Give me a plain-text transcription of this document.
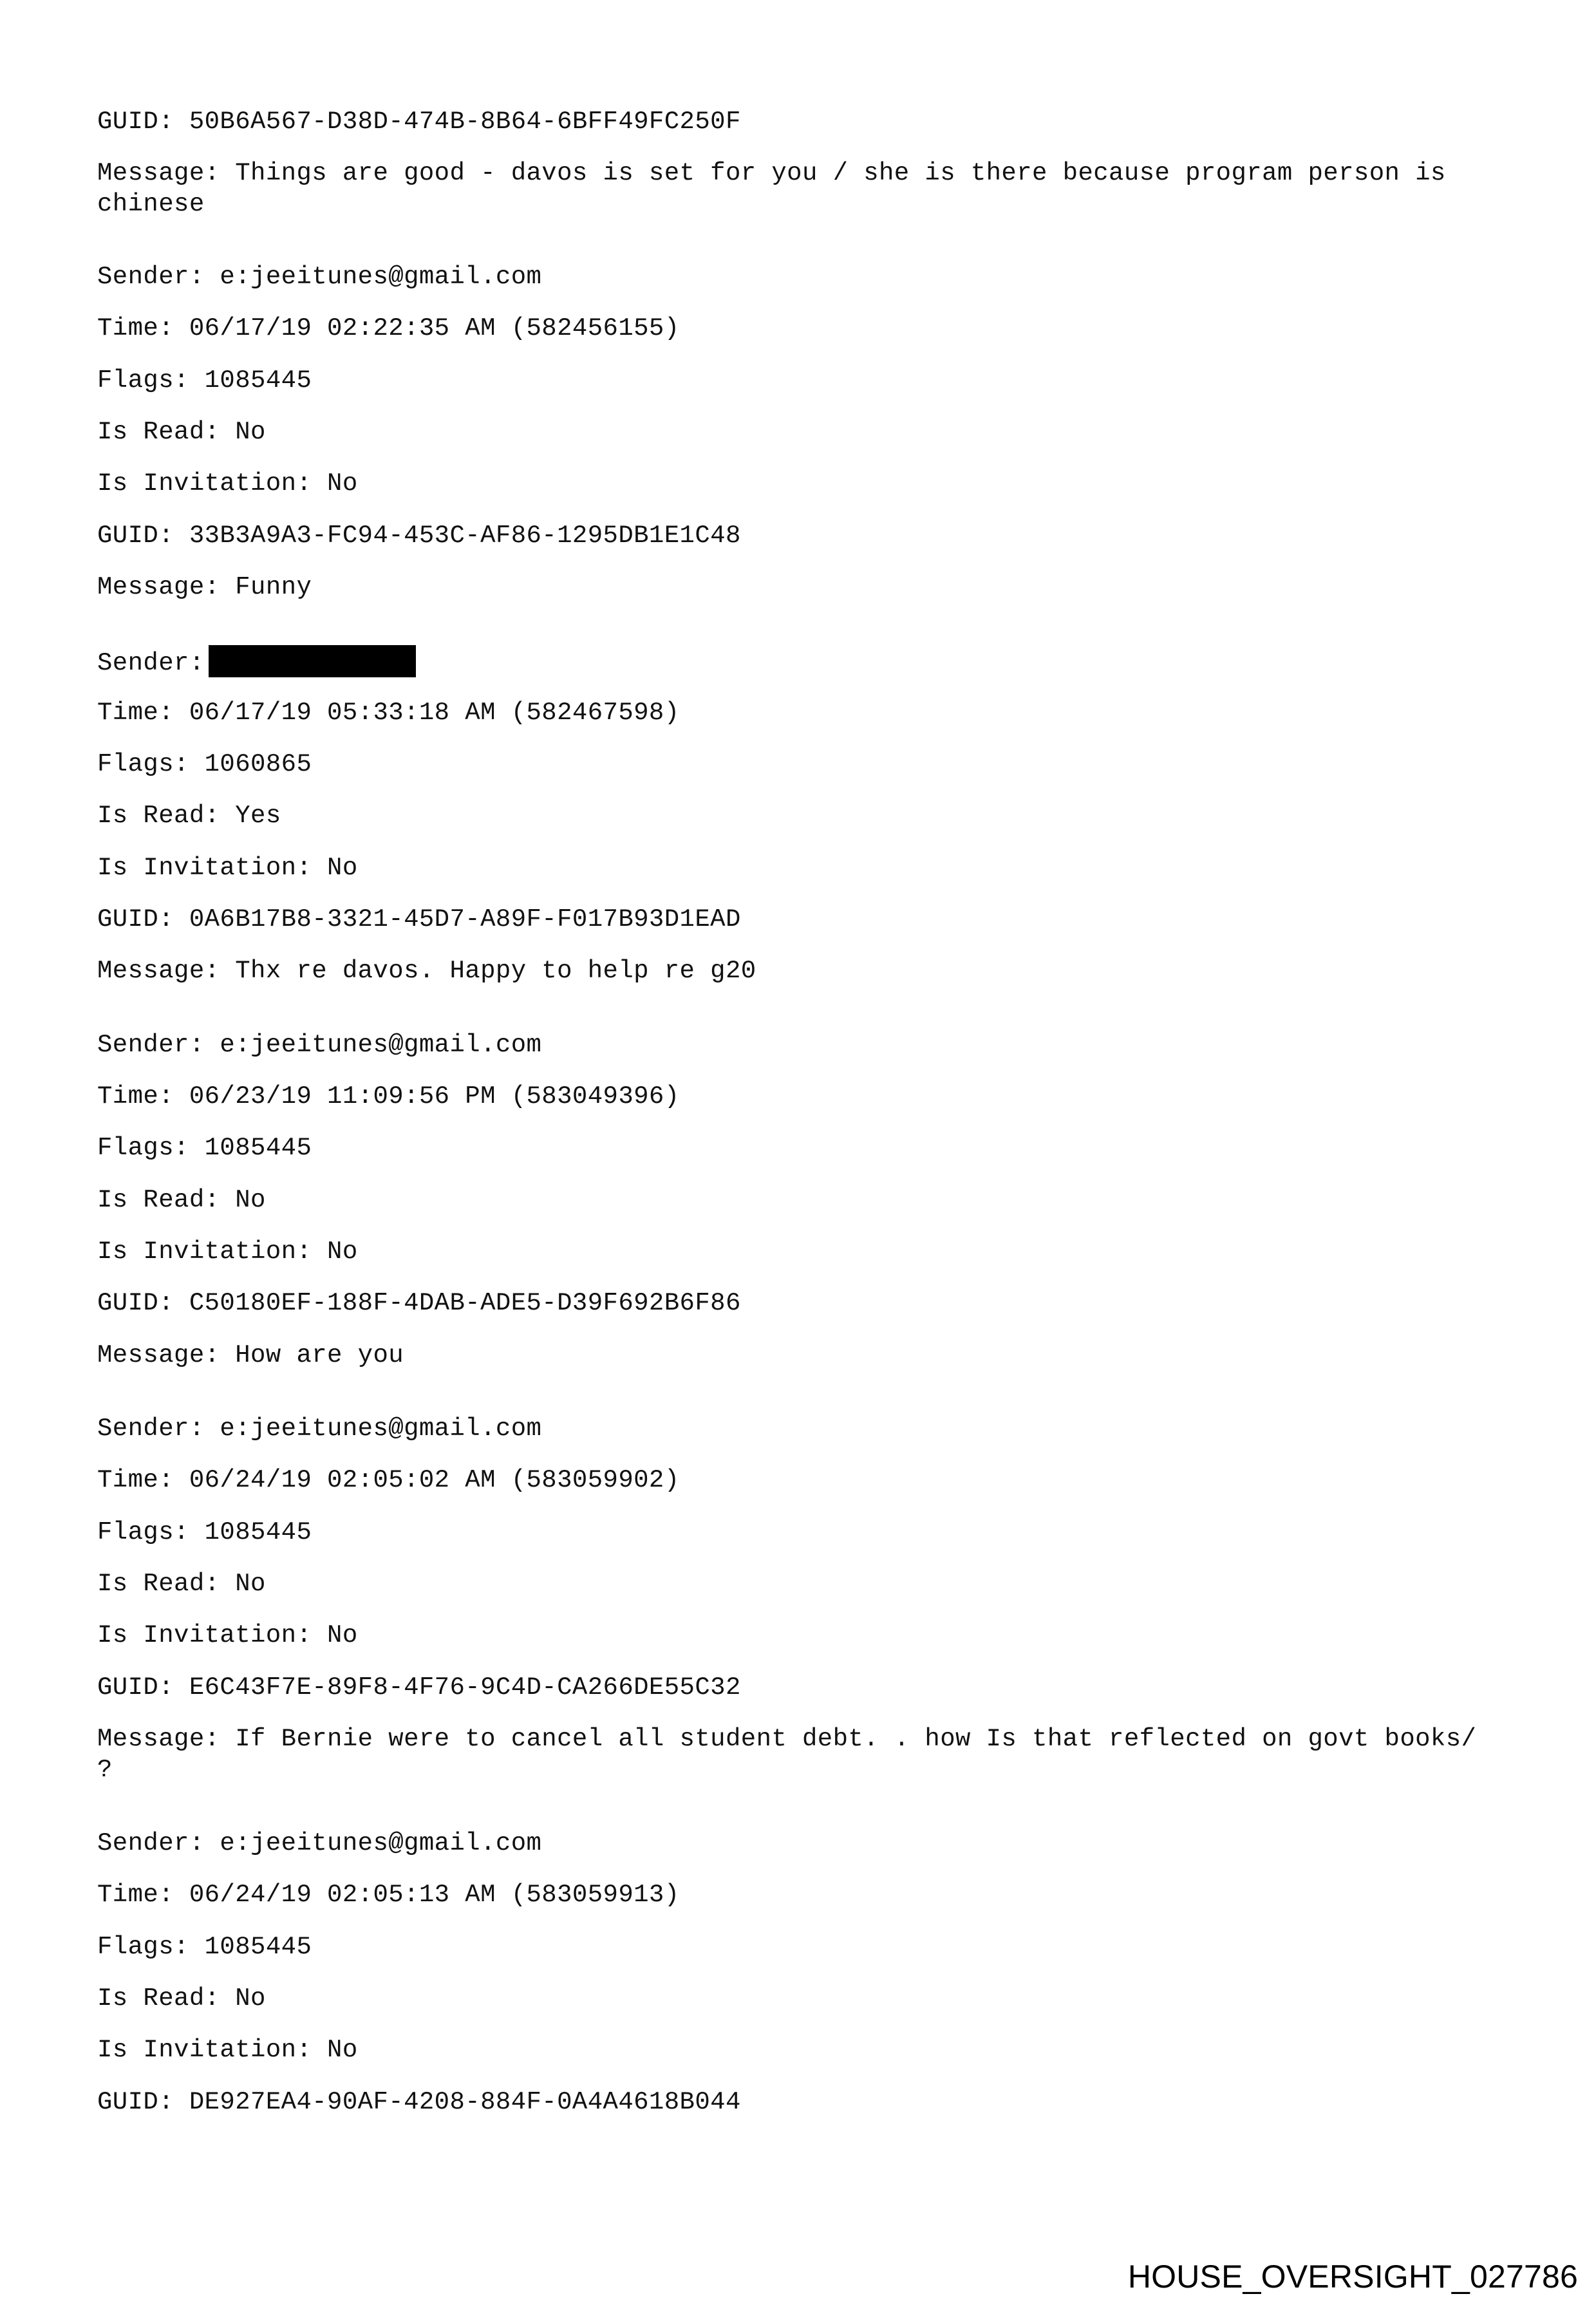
GUID: 50B6A567-D38D-474B-8B64-6BFF49FC250F
Message: Things are good - davos is set for you / she is there because program person is chinese
Sender: e:jeeitunes@gmail.com
Time: 06/17/19 02:22:35 AM (582456155)
Flags: 1085445
Is Read: No
Is Invitation: No
GUID: 33B3A9A3-FC94-453C-AF86-1295DB1E1C48
Message: Funny
Sender:
Time: 06/17/19 05:33:18 AM (582467598)
Flags: 1060865
Is Read: Yes
Is Invitation: No
GUID: 0A6B17B8-3321-45D7-A89F-F017B93D1EAD
Message: Thx re davos. Happy to help re g20
Sender: e:jeeitunes@gmail.com
Time: 06/23/19 11:09:56 PM (583049396)
Flags: 1085445
Is Read: No
Is Invitation: No
GUID: C50180EF-188F-4DAB-ADE5-D39F692B6F86
Message: How are you
Sender: e:jeeitunes@gmail.com
Time: 06/24/19 02:05:02 AM (583059902)
Flags: 1085445
Is Read: No
Is Invitation: No
GUID: E6C43F7E-89F8-4F76-9C4D-CA266DE55C32
Message: If Bernie were to cancel all student debt. . how Is that reflected on govt books/ ?
Sender: e:jeeitunes@gmail.com
Time: 06/24/19 02:05:13 AM (583059913)
Flags: 1085445
Is Read: No
Is Invitation: No
GUID: DE927EA4-90AF-4208-884F-0A4A4618B044
HOUSE_OVERSIGHT_027786
